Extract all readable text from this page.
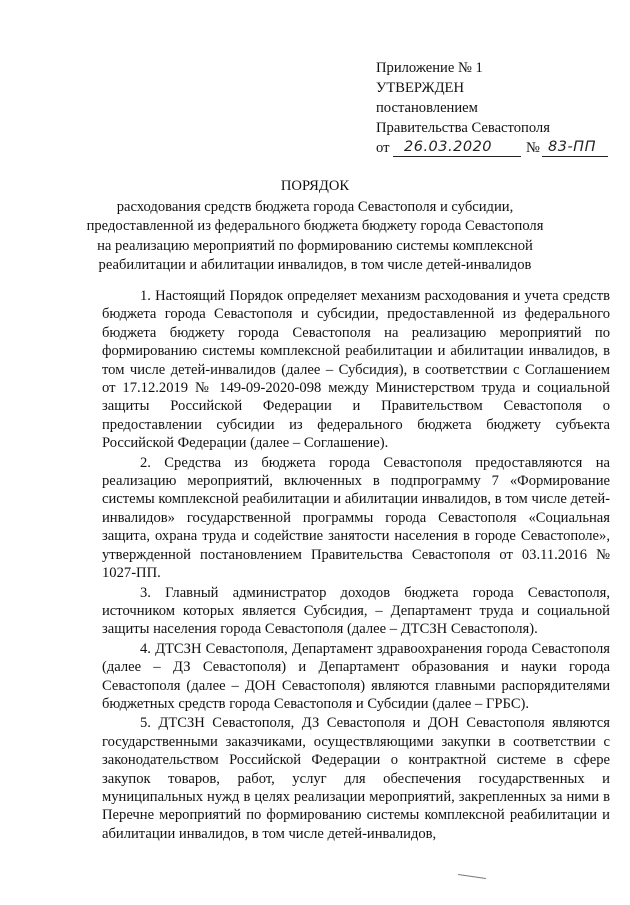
Приложение № 1
УТВЕРЖДЕН
постановлением
Правительства Севастополя
от 26.03.2020 № 83-ПП
ПОРЯДОК
расходования средств бюджета города Севастополя и субсидии,
предоставленной из федерального бюджета бюджету города Севастополя
на реализацию мероприятий по формированию системы комплексной
реабилитации и абилитации инвалидов, в том числе детей-инвалидов

1. Настоящий Порядок определяет механизм расходования и учета средств бюджета города Севастополя и субсидии, предоставленной из федерального бюджета бюджету города Севастополя на реализацию мероприятий по формированию системы комплексной реабилитации и абилитации инвалидов, в том числе детей-инвалидов (далее – Субсидия), в соответствии с Соглашением от 17.12.2019 № 149-09-2020-098 между Министерством труда и социальной защиты Российской Федерации и Правительством Севастополя о предоставлении субсидии из федерального бюджета бюджету субъекта Российской Федерации (далее – Соглашение).

2. Средства из бюджета города Севастополя предоставляются на реализацию мероприятий, включенных в подпрограмму 7 «Формирование системы комплексной реабилитации и абилитации инвалидов, в том числе детей-инвалидов» государственной программы города Севастополя «Социальная защита, охрана труда и содействие занятости населения в городе Севастополе», утвержденной постановлением Правительства Севастополя от 03.11.2016 № 1027-ПП.

3. Главный администратор доходов бюджета города Севастополя, источником которых является Субсидия, – Департамент труда и социальной защиты населения города Севастополя (далее – ДТСЗН Севастополя).

4. ДТСЗН Севастополя, Департамент здравоохранения города Севастополя (далее – ДЗ Севастополя) и Департамент образования и науки города Севастополя (далее – ДОН Севастополя) являются главными распорядителями бюджетных средств города Севастополя и Субсидии (далее – ГРБС).

5. ДТСЗН Севастополя, ДЗ Севастополя и ДОН Севастополя являются государственными заказчиками, осуществляющими закупки в соответствии с законодательством Российской Федерации о контрактной системе в сфере закупок товаров, работ, услуг для обеспечения государственных и муниципальных нужд в целях реализации мероприятий, закрепленных за ними в Перечне мероприятий по формированию системы комплексной реабилитации и абилитации инвалидов, в том числе детей-инвалидов,
